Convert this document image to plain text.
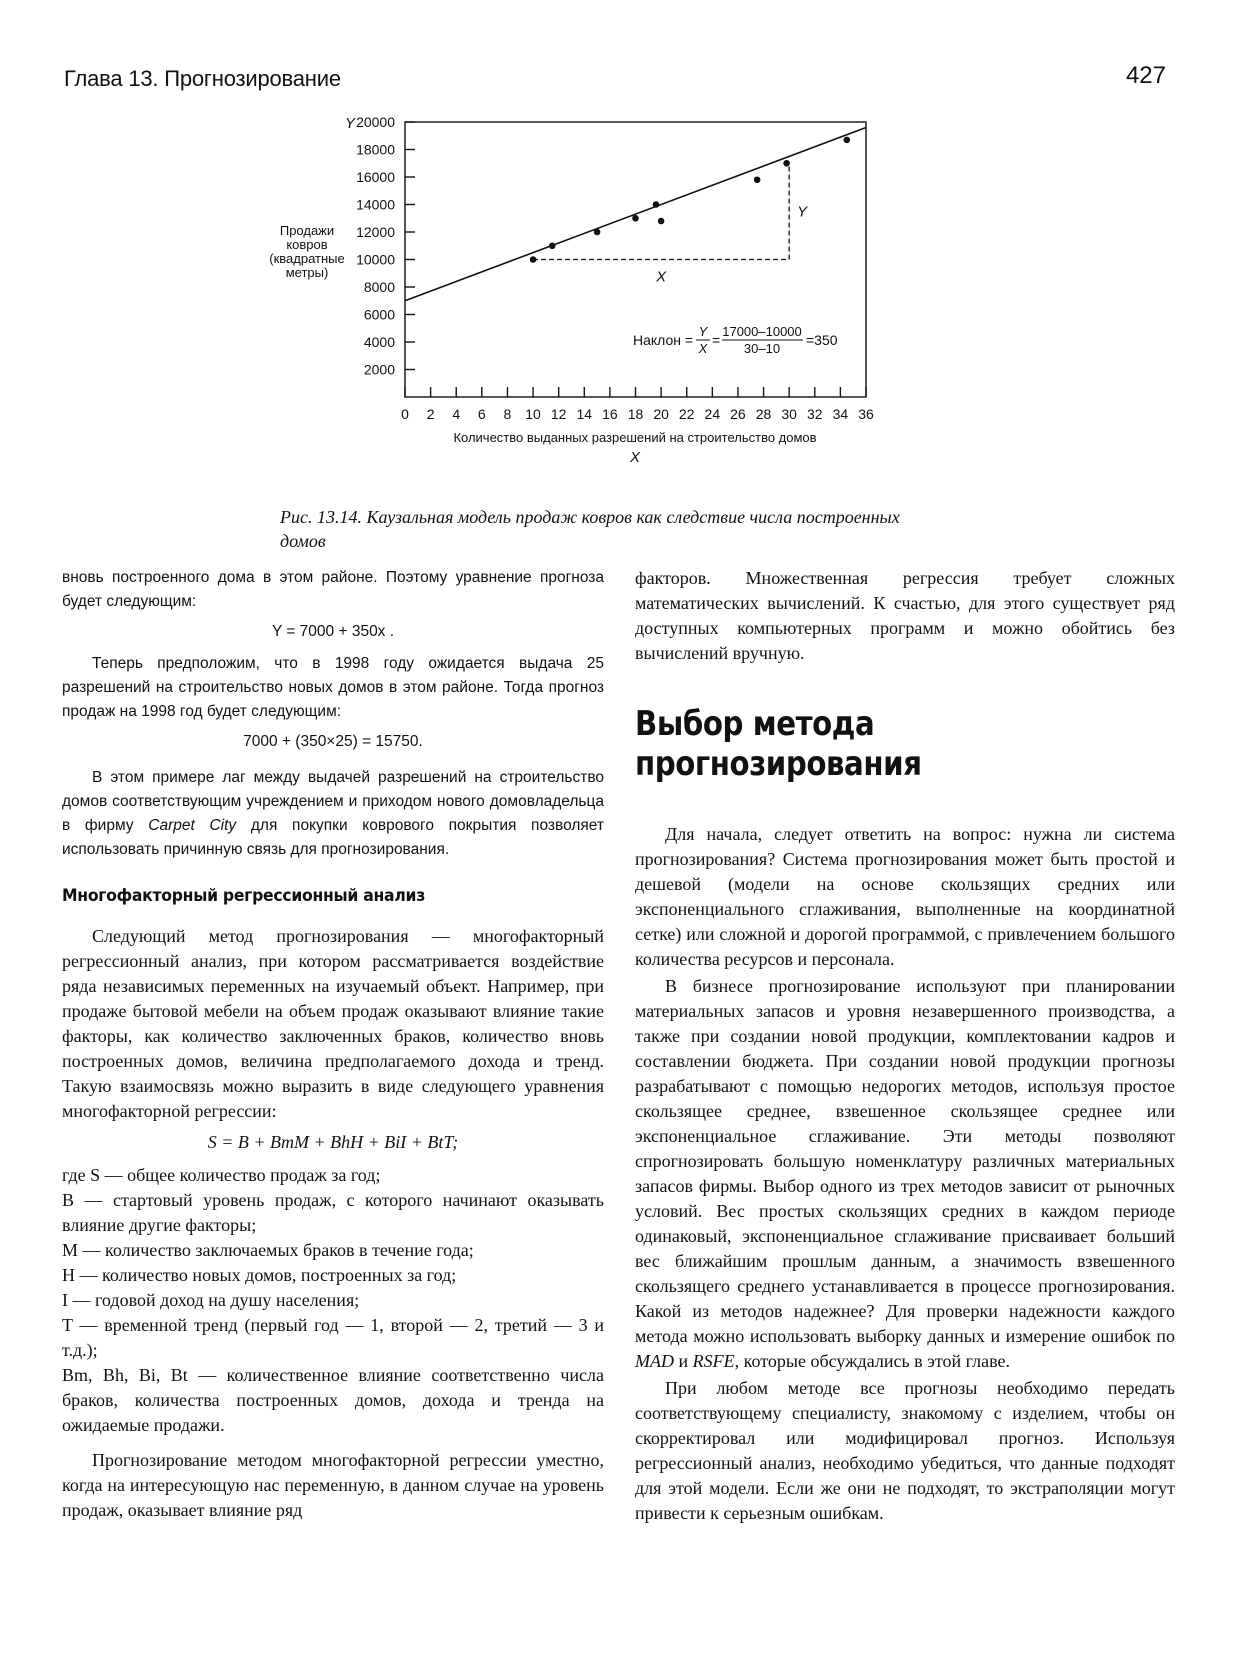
Глава 13. Прогнозирование	427
0 2 4 6 8 10 12 14 16 18 20 22 24 26 28 30 32 34 36
2000
4000
6000
8000
10000
12000
14000
16000
18000
20000
X
Y
Y
Продажи
ковров
(квадратные
метры)
Количество выданных разрешений на строительство домов
X
Наклон =
Y
X
=
17000–10000
30–10
=350
Рис. 13.14. Каузальная модель продаж ковров как следствие числа построенных домов

вновь построенного дома в этом районе. Поэтому уравнение прогноза будет следующим:

Y = 7000 + 350x .

Теперь предположим, что в 1998 году ожидается выдача 25 разрешений на строительство новых домов в этом районе. Тогда прогноз продаж на 1998 год будет следующим:

7000 + (350×25) = 15750.

В этом примере лаг между выдачей разрешений на строительство домов соответствующим учреждением и приходом нового домовладельца в фирму Carpet City для покупки коврового покрытия позволяет использовать причинную связь для прогнозирования.

Многофакторный регрессионный анализ

Следующий метод прогнозирования — многофакторный регрессионный анализ, при котором рассматривается воздействие ряда независимых переменных на изучаемый объект. Например, при продаже бытовой мебели на объем продаж оказывают влияние такие факторы, как количество заключенных браков, количество вновь построенных домов, величина предполагаемого дохода и тренд. Такую взаимосвязь можно выразить в виде следующего уравнения многофакторной регрессии:

S = B + BmM + BhH + BiI + BtT;

где S — общее количество продаж за год;

B — стартовый уровень продаж, с которого начинают оказывать влияние другие факторы;

M — количество заключаемых браков в течение года;

H — количество новых домов, построенных за год;

I — годовой доход на душу населения;

T — временной тренд (первый год — 1, второй — 2, третий — 3 и т.д.);

Bm, Bh, Bi, Bt — количественное влияние соответственно числа браков, количества построенных домов, дохода и тренда на ожидаемые продажи.

Прогнозирование методом многофакторной регрессии уместно, когда на интересующую нас переменную, в данном случае на уровень продаж, оказывает влияние ряд

факторов. Множественная регрессия требует сложных математических вычислений. К счастью, для этого существует ряд доступных компьютерных программ и можно обойтись без вычислений вручную.

Выбор метода прогнозирования

Для начала, следует ответить на вопрос: нужна ли система прогнозирования? Система прогнозирования может быть простой и дешевой (модели на основе скользящих средних или экспоненциального сглаживания, выполненные на координатной сетке) или сложной и дорогой программой, с привлечением большого количества ресурсов и персонала.

В бизнесе прогнозирование используют при планировании материальных запасов и уровня незавершенного производства, а также при создании новой продукции, комплектовании кадров и составлении бюджета. При создании новой продукции прогнозы разрабатывают с помощью недорогих методов, используя простое скользящее среднее, взвешенное скользящее среднее или экспоненциальное сглаживание. Эти методы позволяют спрогнозировать большую номенклатуру различных материальных запасов фирмы. Выбор одного из трех методов зависит от рыночных условий. Вес простых скользящих средних в каждом периоде одинаковый, экспоненциальное сглаживание присваивает больший вес ближайшим прошлым данным, а значимость взвешенного скользящего среднего устанавливается в процессе прогнозирования. Какой из методов надежнее? Для проверки надежности каждого метода можно использовать выборку данных и измерение ошибок по MAD и RSFE, которые обсуждались в этой главе.

При любом методе все прогнозы необходимо передать соответствующему специалисту, знакомому с изделием, чтобы он скорректировал или модифицировал прогноз. Используя регрессионный анализ, необходимо убедиться, что данные подходят для этой модели. Если же они не подходят, то экстраполяции могут привести к серьезным ошибкам.
